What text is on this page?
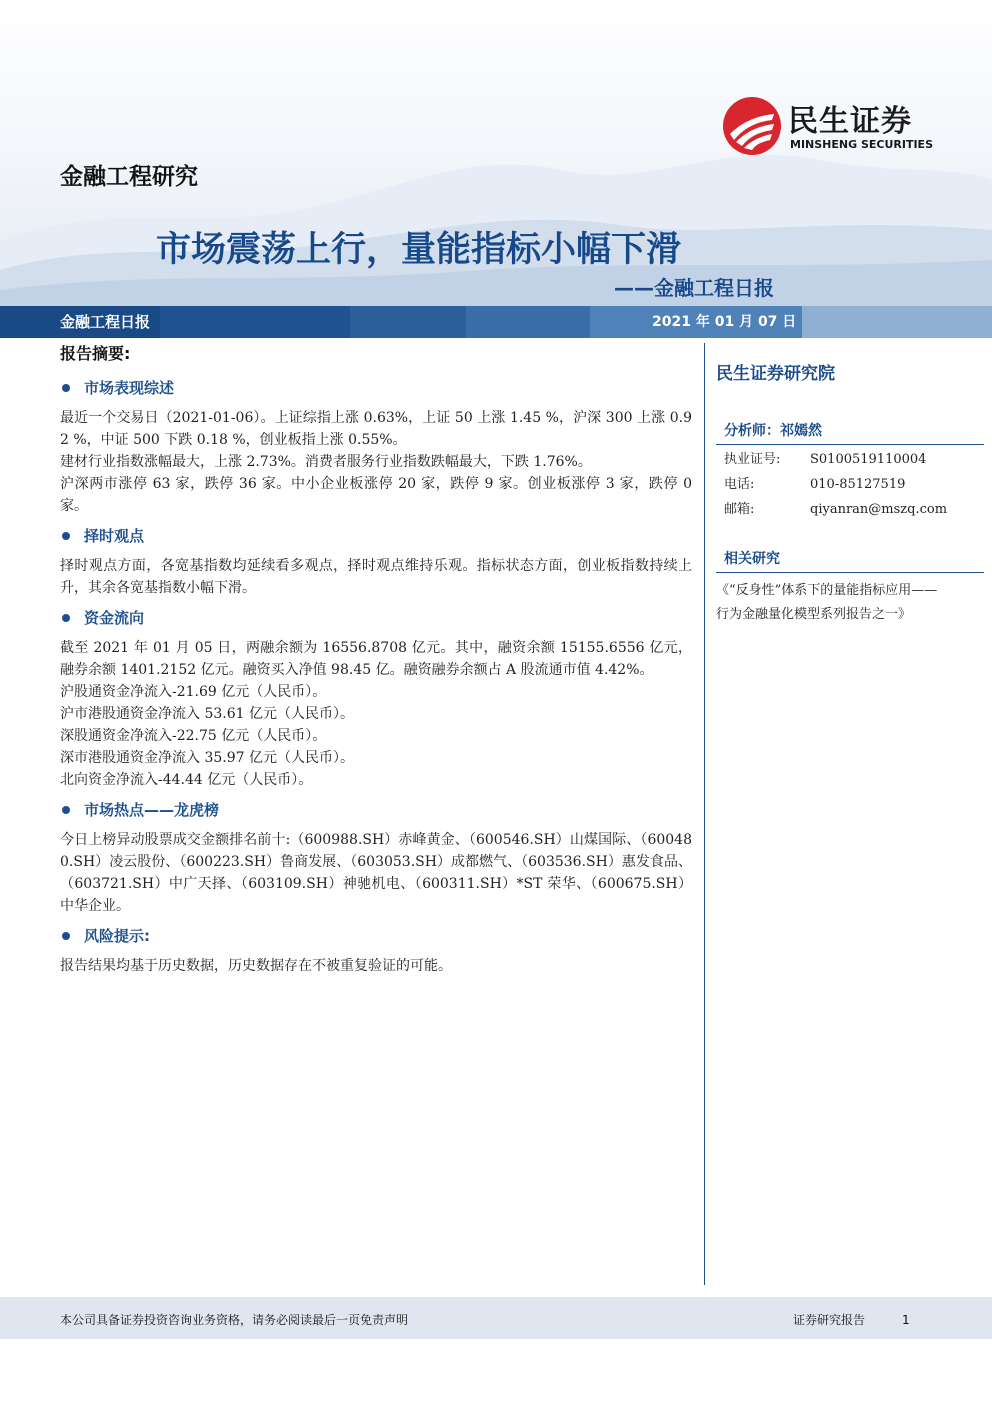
民生证券
MINSHENG SECURITIES
金融工程研究
市场震荡上行，量能指标小幅下滑
——金融工程日报
金融工程日报	2021 年 01 月 07 日
报告摘要:
市场表现综述

最近一个交易日（2021-01-06）。上证综指上涨 0.63%，上证 50 上涨 1.45 %，沪深 300 上涨 0.92 %，中证 500 下跌 0.18 %，创业板指上涨 0.55%。

建材行业指数涨幅最大，上涨 2.73%。消费者服务行业指数跌幅最大，下跌 1.76%。

沪深两市涨停 63 家，跌停 36 家。中小企业板涨停 20 家，跌停 9 家。创业板涨停 3 家，跌停 0 家。

择时观点

择时观点方面，各宽基指数均延续看多观点，择时观点维持乐观。指标状态方面，创业板指数持续上升，其余各宽基指数小幅下滑。

资金流向

截至 2021 年 01 月 05 日，两融余额为 16556.8708 亿元。其中，融资余额 15155.6556 亿元，融券余额 1401.2152 亿元。融资买入净值 98.45 亿。融资融券余额占 A 股流通市值 4.42%。

沪股通资金净流入-21.69 亿元（人民币）。

沪市港股通资金净流入 53.61 亿元（人民币）。

深股通资金净流入-22.75 亿元（人民币）。

深市港股通资金净流入 35.97 亿元（人民币）。

北向资金净流入-44.44 亿元（人民币）。

市场热点——龙虎榜

今日上榜异动股票成交金额排名前十:（600988.SH）赤峰黄金、（600546.SH）山煤国际、（600480.SH）凌云股份、（600223.SH）鲁商发展、（603053.SH）成都燃气、（603536.SH）惠发食品、（603721.SH）中广天择、（603109.SH）神驰机电、（600311.SH）*ST 荣华、（600675.SH）中华企业。

风险提示:

报告结果均基于历史数据，历史数据存在不被重复验证的可能。

民生证券研究院
分析师：祁嫣然
执业证号:	S0100519110004
电话:	010-85127519
邮箱:	qiyanran@mszq.com
相关研究
《“反身性”体系下的量能指标应用——
行为金融量化模型系列报告之一》
本公司具备证券投资咨询业务资格，请务必阅读最后一页免责声明	证券研究报告	1
